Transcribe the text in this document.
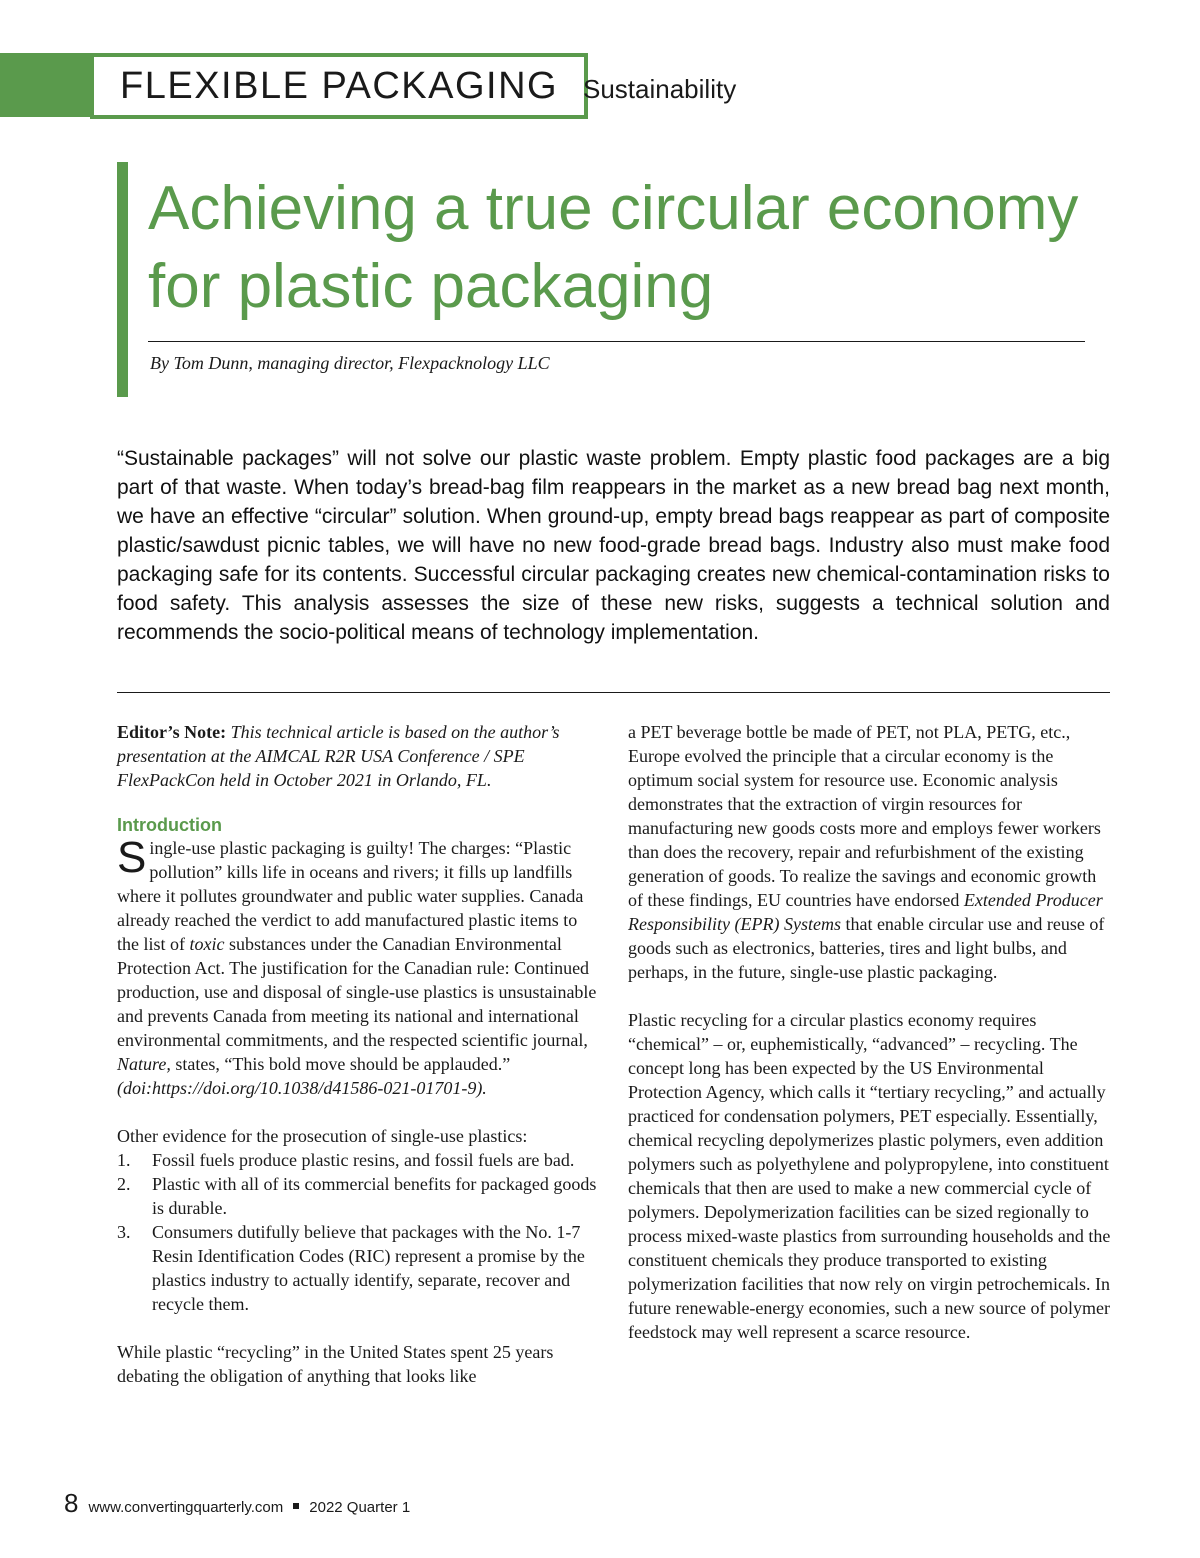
FLEXIBLE PACKAGING Sustainability
Achieving a true circular economy for plastic packaging
By Tom Dunn, managing director, Flexpacknology LLC

“Sustainable packages” will not solve our plastic waste problem. Empty plastic food packages are a big part of that waste. When today’s bread-bag film reappears in the market as a new bread bag next month, we have an effective “circular” solution. When ground-up, empty bread bags reappear as part of composite plastic/sawdust picnic tables, we will have no new food-grade bread bags. Industry also must make food packaging safe for its contents. Successful circular packaging creates new chemical-contamination risks to food safety. This analysis assesses the size of these new risks, suggests a technical solution and recommends the socio-political means of technology implementation.

Editor’s Note: This technical article is based on the author’s presentation at the AIMCAL R2R USA Conference / SPE FlexPackCon held in October 2021 in Orlando, FL.

Introduction

Single-use plastic packaging is guilty! The charges: “Plastic pollution” kills life in oceans and rivers; it fills up landfills where it pollutes groundwater and public water supplies. Canada already reached the verdict to add manufactured plastic items to the list of toxic substances under the Canadian Environmental Protection Act. The justification for the Canadian rule: Continued production, use and disposal of single-use plastics is unsustainable and prevents Canada from meeting its national and international environmental commitments, and the respected scientific journal, Nature, states, “This bold move should be applauded.” (doi:https://doi.org/10.1038/d41586-021-01701-9).

Other evidence for the prosecution of single-use plastics:

1. Fossil fuels produce plastic resins, and fossil fuels are bad.
2. Plastic with all of its commercial benefits for packaged goods is durable.
3. Consumers dutifully believe that packages with the No. 1-7 Resin Identification Codes (RIC) represent a promise by the plastics industry to actually identify, separate, recover and recycle them.

While plastic “recycling” in the United States spent 25 years debating the obligation of anything that looks like

a PET beverage bottle be made of PET, not PLA, PETG, etc., Europe evolved the principle that a circular economy is the optimum social system for resource use. Economic analysis demonstrates that the extraction of virgin resources for manufacturing new goods costs more and employs fewer workers than does the recovery, repair and refurbishment of the existing generation of goods. To realize the savings and economic growth of these findings, EU countries have endorsed Extended Producer Responsibility (EPR) Systems that enable circular use and reuse of goods such as electronics, batteries, tires and light bulbs, and perhaps, in the future, single-use plastic packaging.

Plastic recycling for a circular plastics economy requires “chemical” – or, euphemistically, “advanced” – recycling. The concept long has been expected by the US Environmental Protection Agency, which calls it “tertiary recycling,” and actually practiced for condensation polymers, PET especially. Essentially, chemical recycling depolymerizes plastic polymers, even addition polymers such as polyethylene and polypropylene, into constituent chemicals that then are used to make a new commercial cycle of polymers. Depolymerization facilities can be sized regionally to process mixed-waste plastics from surrounding households and the constituent chemicals they produce transported to existing polymerization facilities that now rely on virgin petrochemicals. In future renewable-energy economies, such a new source of polymer feedstock may well represent a scarce resource.

8 www.convertingquarterly.com 2022 Quarter 1
